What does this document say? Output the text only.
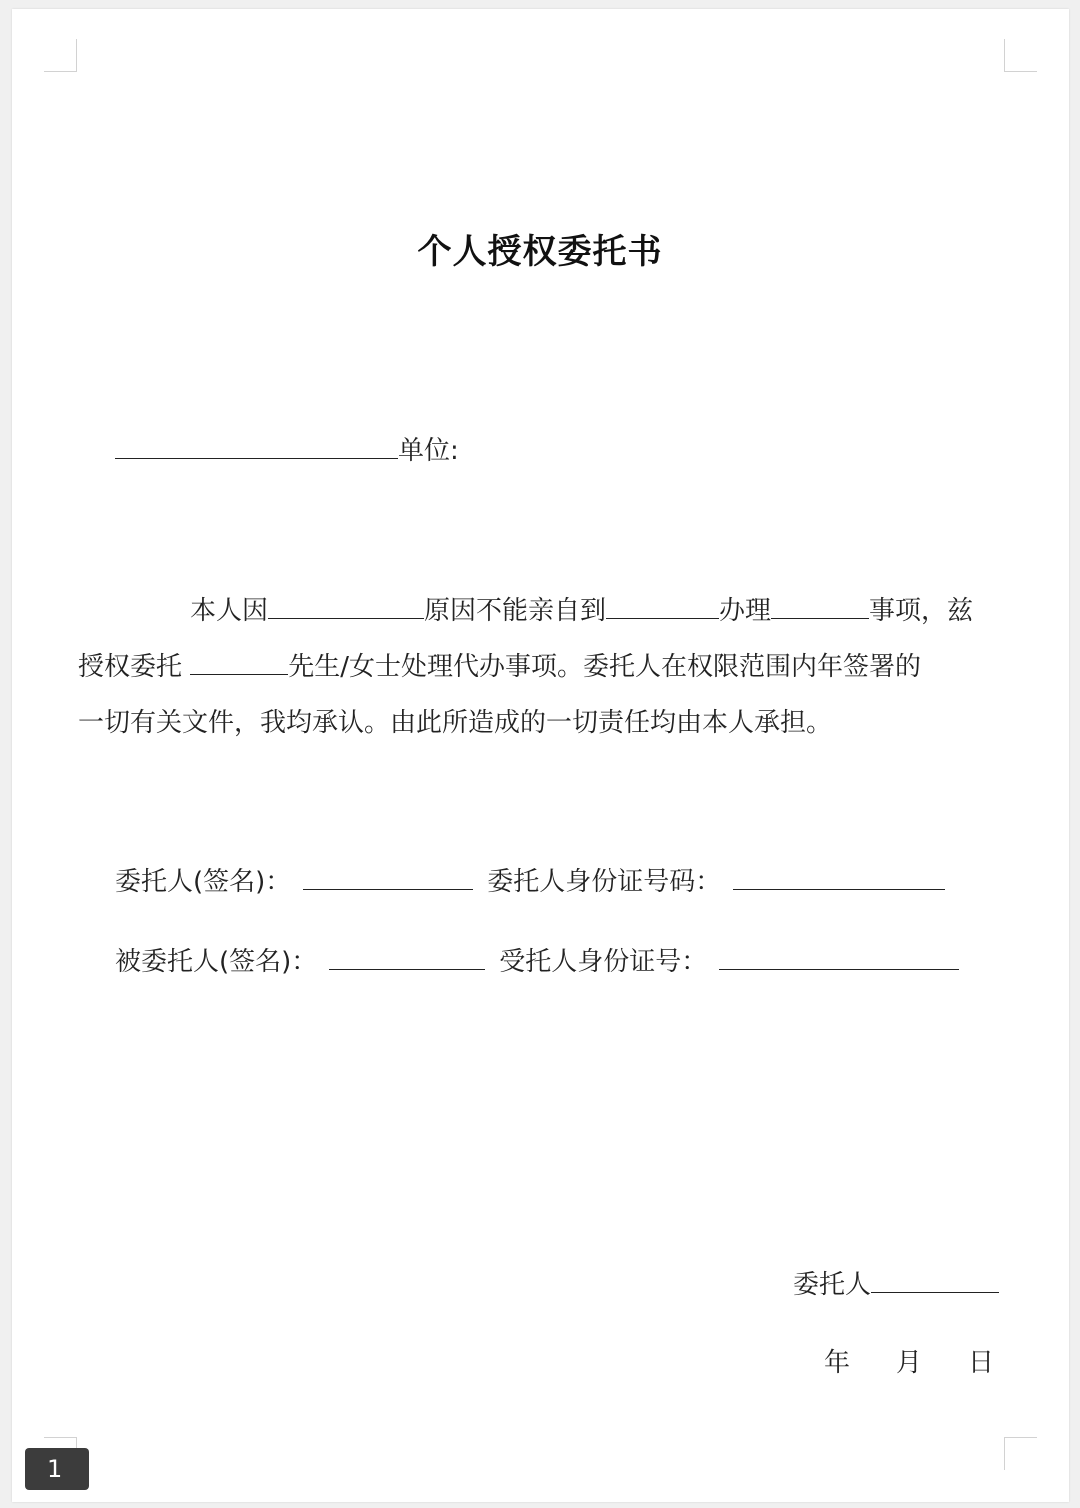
个人授权委托书
单位:
本人因	原因不能亲自到	办理	事项，兹
授权委托	先生/女士处理代办事项。委托人在权限范围内年签署的
一切有关文件，我均承认。由此所造成的一切责任均由本人承担。
委托人(签名)：	委托人身份证号码：
被委托人(签名)：	受托人身份证号：
委托人
年 月 日
1
